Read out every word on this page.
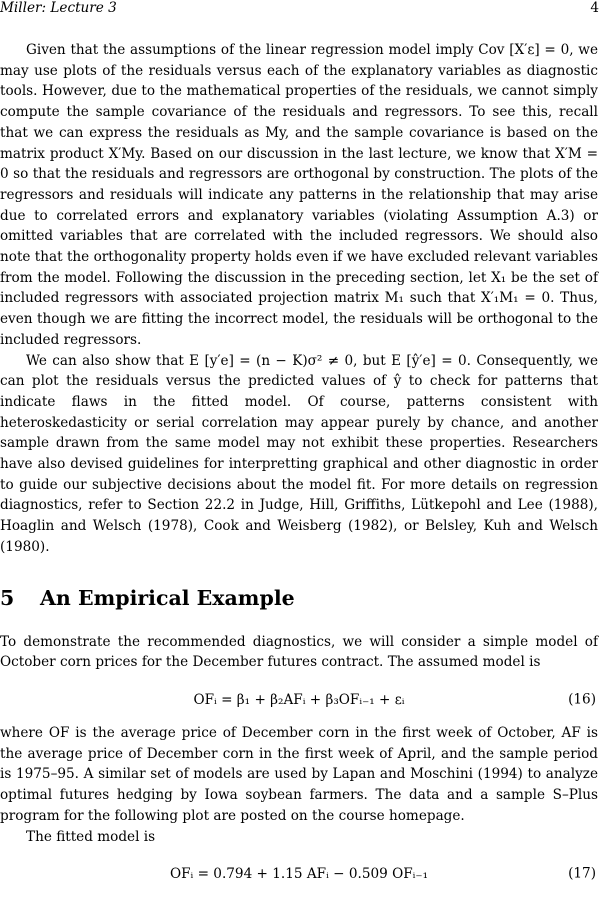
Miller: Lecture 3	4

Given that the assumptions of the linear regression model imply Cov [X′ε] = 0, we may use plots of the residuals versus each of the explanatory variables as diagnostic tools. However, due to the mathematical properties of the residuals, we cannot simply compute the sample covariance of the residuals and regressors. To see this, recall that we can express the residuals as My, and the sample covariance is based on the matrix product X′My. Based on our discussion in the last lecture, we know that X′M = 0 so that the residuals and regressors are orthogonal by construction. The plots of the regressors and residuals will indicate any patterns in the relationship that may arise due to correlated errors and explanatory variables (violating Assumption A.3) or omitted variables that are correlated with the included regressors. We should also note that the orthogonality property holds even if we have excluded relevant variables from the model. Following the discussion in the preceding section, let X₁ be the set of included regressors with associated projection matrix M₁ such that X′₁M₁ = 0. Thus, even though we are fitting the incorrect model, the residuals will be orthogonal to the included regressors.

We can also show that E [y′e] = (n − K)σ² ≠ 0, but E [ŷ′e] = 0. Consequently, we can plot the residuals versus the predicted values of ŷ to check for patterns that indicate flaws in the fitted model. Of course, patterns consistent with heteroskedasticity or serial correlation may appear purely by chance, and another sample drawn from the same model may not exhibit these properties. Researchers have also devised guidelines for interpretting graphical and other diagnostic in order to guide our subjective decisions about the model fit. For more details on regression diagnostics, refer to Section 22.2 in Judge, Hill, Griffiths, Lütkepohl and Lee (1988), Hoaglin and Welsch (1978), Cook and Weisberg (1982), or Belsley, Kuh and Welsch (1980).

5	An Empirical Example

To demonstrate the recommended diagnostics, we will consider a simple model of October corn prices for the December futures contract. The assumed model is

OFᵢ = β₁ + β₂AFᵢ + β₃OFᵢ₋₁ + εᵢ	(16)

where OF is the average price of December corn in the first week of October, AF is the average price of December corn in the first week of April, and the sample period is 1975–95. A similar set of models are used by Lapan and Moschini (1994) to analyze optimal futures hedging by Iowa soybean farmers. The data and a sample S–Plus program for the following plot are posted on the course homepage.

The fitted model is

OFᵢ = 0.794 + 1.15 AFᵢ − 0.509 OFᵢ₋₁	(17)
